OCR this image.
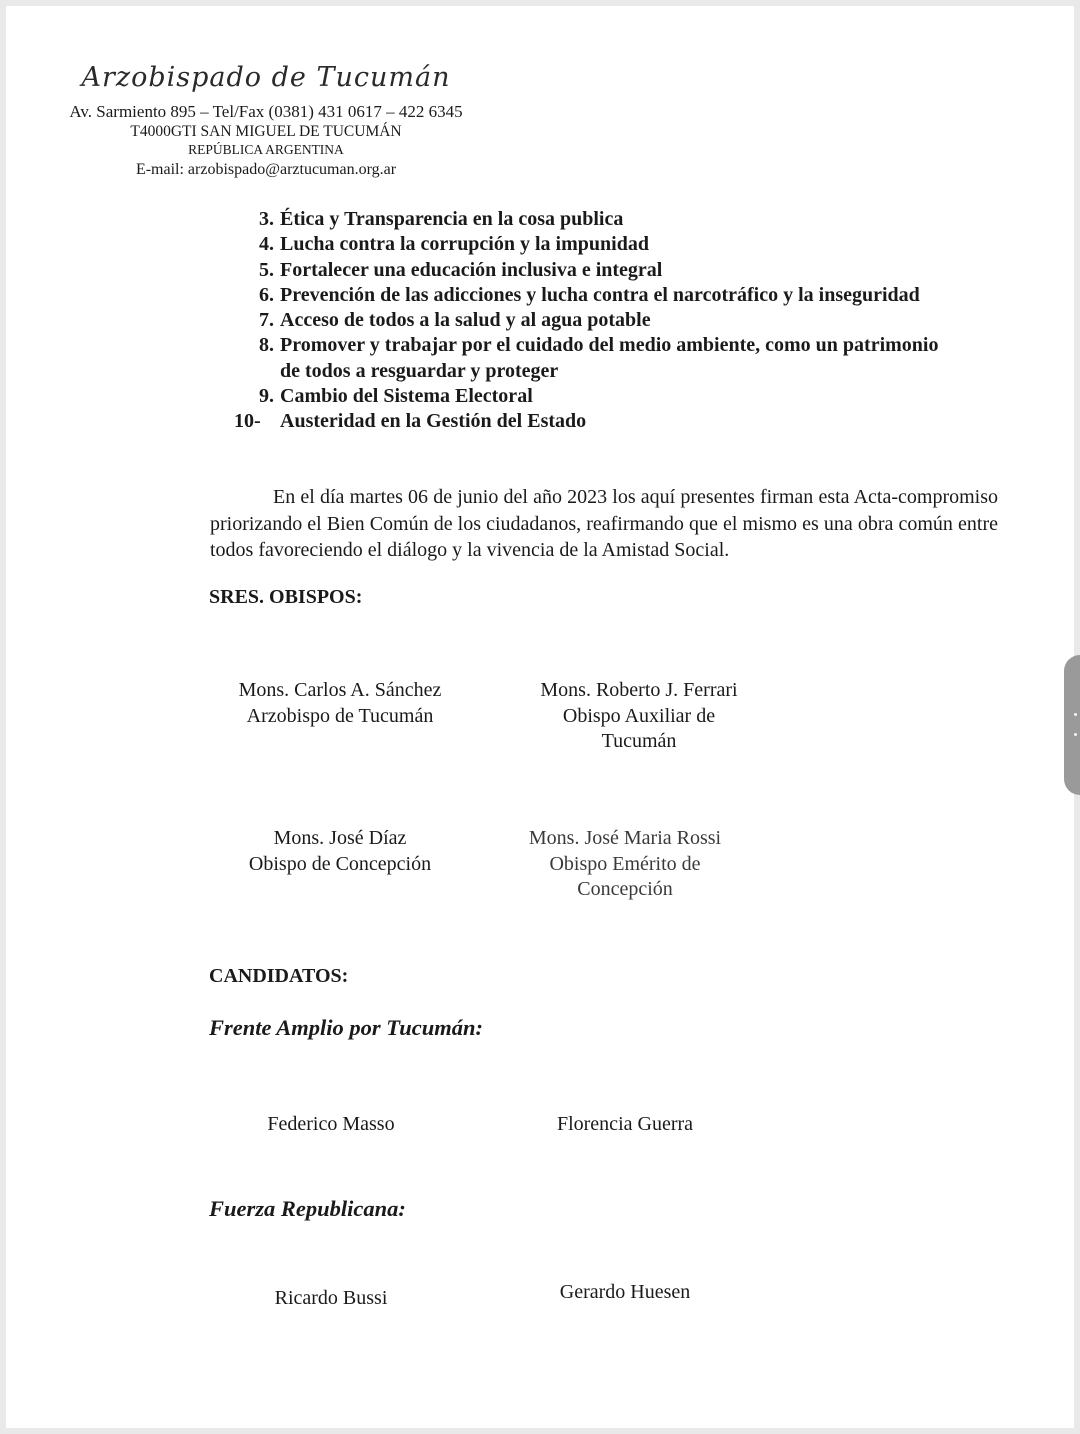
Arzobispado de Tucumán
Av. Sarmiento 895 – Tel/Fax (0381) 431 0617 – 422 6345
T4000GTI SAN MIGUEL DE TUCUMÁN
REPÚBLICA ARGENTINA
E-mail: arzobispado@arztucuman.org.ar
3. Ética y Transparencia en la cosa publica
4. Lucha contra la corrupción y la impunidad
5. Fortalecer una educación inclusiva e integral
6. Prevención de las adicciones y lucha contra el narcotráfico y la inseguridad
7. Acceso de todos a la salud y al agua potable
8. Promover y trabajar por el cuidado del medio ambiente, como un patrimonio
de todos a resguardar y proteger
9. Cambio del Sistema Electoral
10- Austeridad en la Gestión del Estado
En el día martes 06 de junio del año 2023 los aquí presentes firman esta Acta-compromiso priorizando el Bien Común de los ciudadanos, reafirmando que el mismo es una obra común entre todos favoreciendo el diálogo y la vivencia de la Amistad Social.
SRES. OBISPOS:
Mons. Carlos A. Sánchez
Arzobispo de Tucumán
Mons. Roberto J. Ferrari
Obispo Auxiliar de
Tucumán
Mons. José Díaz
Obispo de Concepción
Mons. José Maria Rossi
Obispo Emérito de
Concepción
CANDIDATOS:
Frente Amplio por Tucumán:
Federico Masso	Florencia Guerra
Fuerza Republicana:
Ricardo Bussi	Gerardo Huesen
